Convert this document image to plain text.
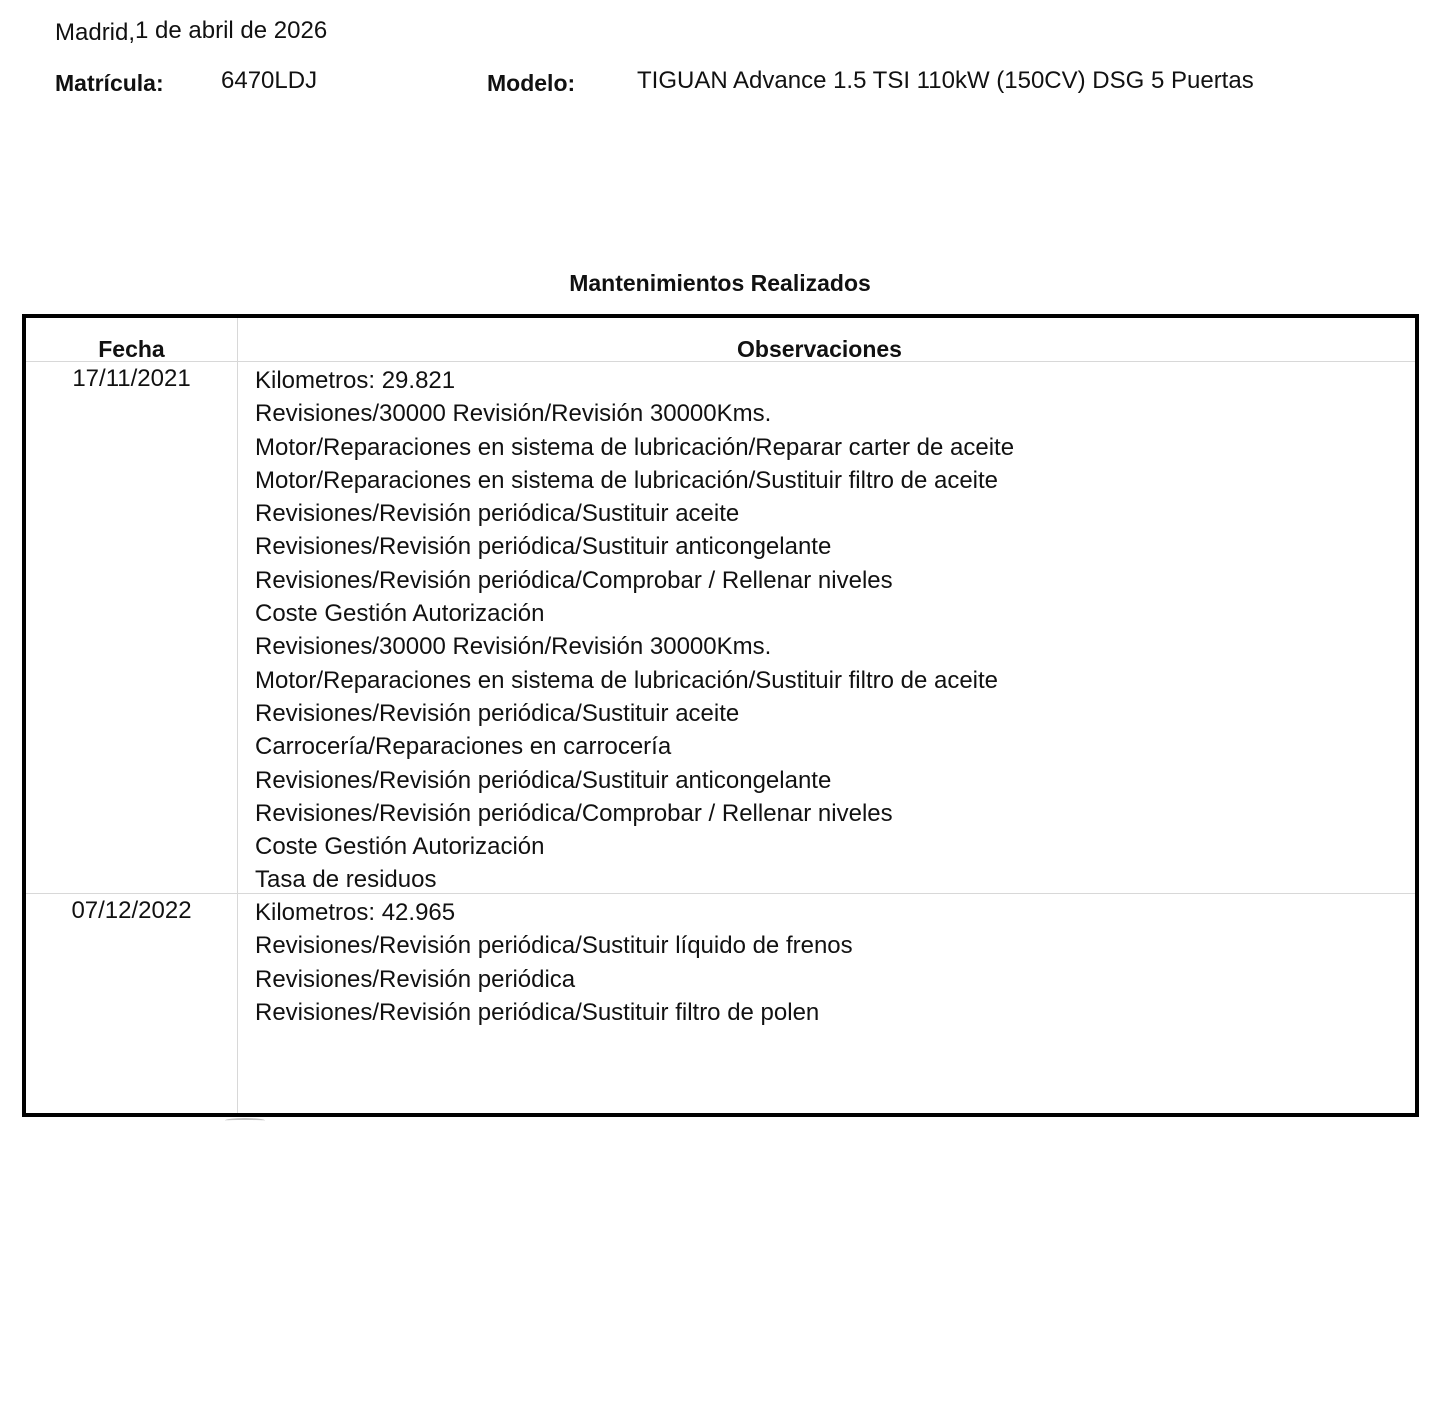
Madrid,1 de abril de 2026
Matrícula: 6470LDJ	Modelo:	TIGUAN Advance 1.5 TSI 110kW (150CV) DSG 5 Puertas
Mantenimientos Realizados
Fecha	Observaciones
17/11/2021	Kilometros: 29.821
Revisiones/30000 Revisión/Revisión 30000Kms.
Motor/Reparaciones en sistema de lubricación/Reparar carter de aceite
Motor/Reparaciones en sistema de lubricación/Sustituir filtro de aceite
Revisiones/Revisión periódica/Sustituir aceite
Revisiones/Revisión periódica/Sustituir anticongelante
Revisiones/Revisión periódica/Comprobar / Rellenar niveles
Coste Gestión Autorización
Revisiones/30000 Revisión/Revisión 30000Kms.
Motor/Reparaciones en sistema de lubricación/Sustituir filtro de aceite
Revisiones/Revisión periódica/Sustituir aceite
Carrocería/Reparaciones en carrocería
Revisiones/Revisión periódica/Sustituir anticongelante
Revisiones/Revisión periódica/Comprobar / Rellenar niveles
Coste Gestión Autorización
Tasa de residuos
07/12/2022	Kilometros: 42.965
Revisiones/Revisión periódica/Sustituir líquido de frenos
Revisiones/Revisión periódica
Revisiones/Revisión periódica/Sustituir filtro de polen
